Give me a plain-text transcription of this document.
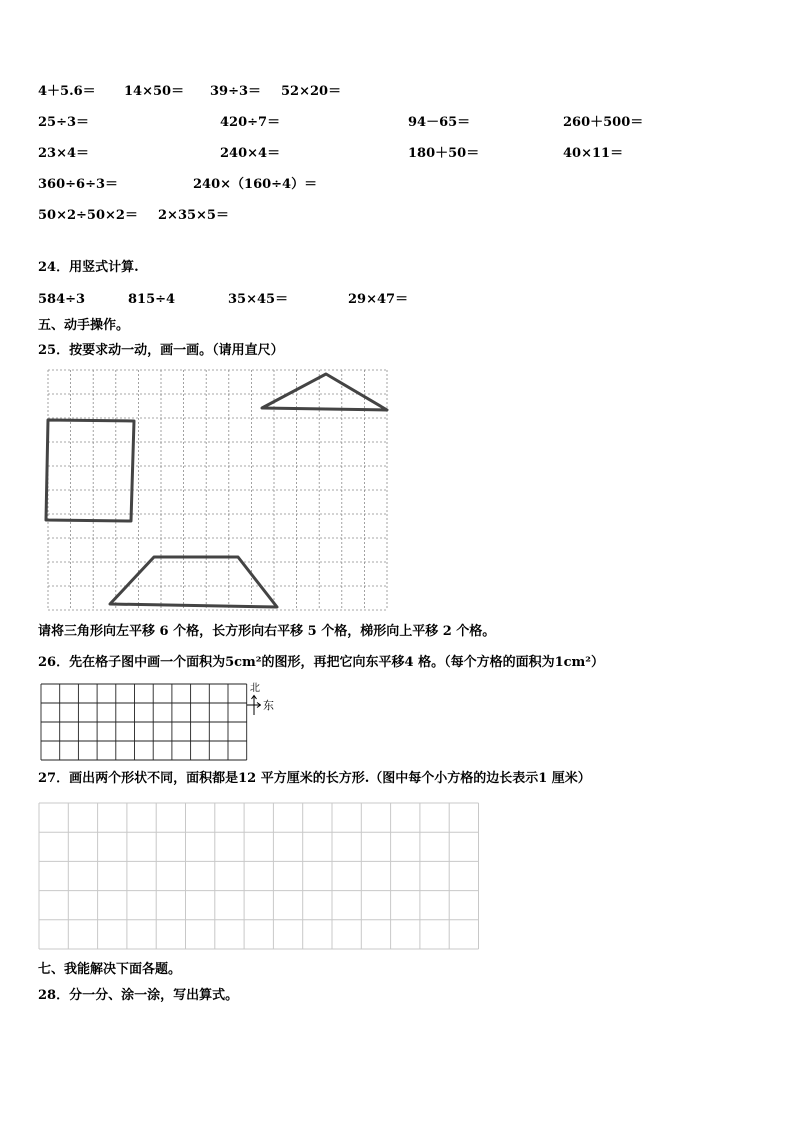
4＋5.6＝ 14×50＝ 39÷3＝ 52×20＝
25÷3＝	420÷7＝	94－65＝	260＋500＝
23×4＝	240×4＝	180＋50＝	40×11＝
360÷6÷3＝	240×（160÷4）＝
50×2÷50×2＝ 2×35×5＝
24．用竖式计算.
584÷3	815÷4	35×45＝	29×47＝
五、动手操作。
25．按要求动一动，画一画。（请用直尺）
请将三角形向左平移 6 个格，长方形向右平移 5 个格，梯形向上平移 2 个格。
26．先在格子图中画一个面积为5cm²的图形，再把它向东平移4 格。（每个方格的面积为1cm²）
北
东
27．画出两个形状不同，面积都是12 平方厘米的长方形.（图中每个小方格的边长表示1 厘米）
七、我能解决下面各题。
28．分一分、涂一涂，写出算式。
